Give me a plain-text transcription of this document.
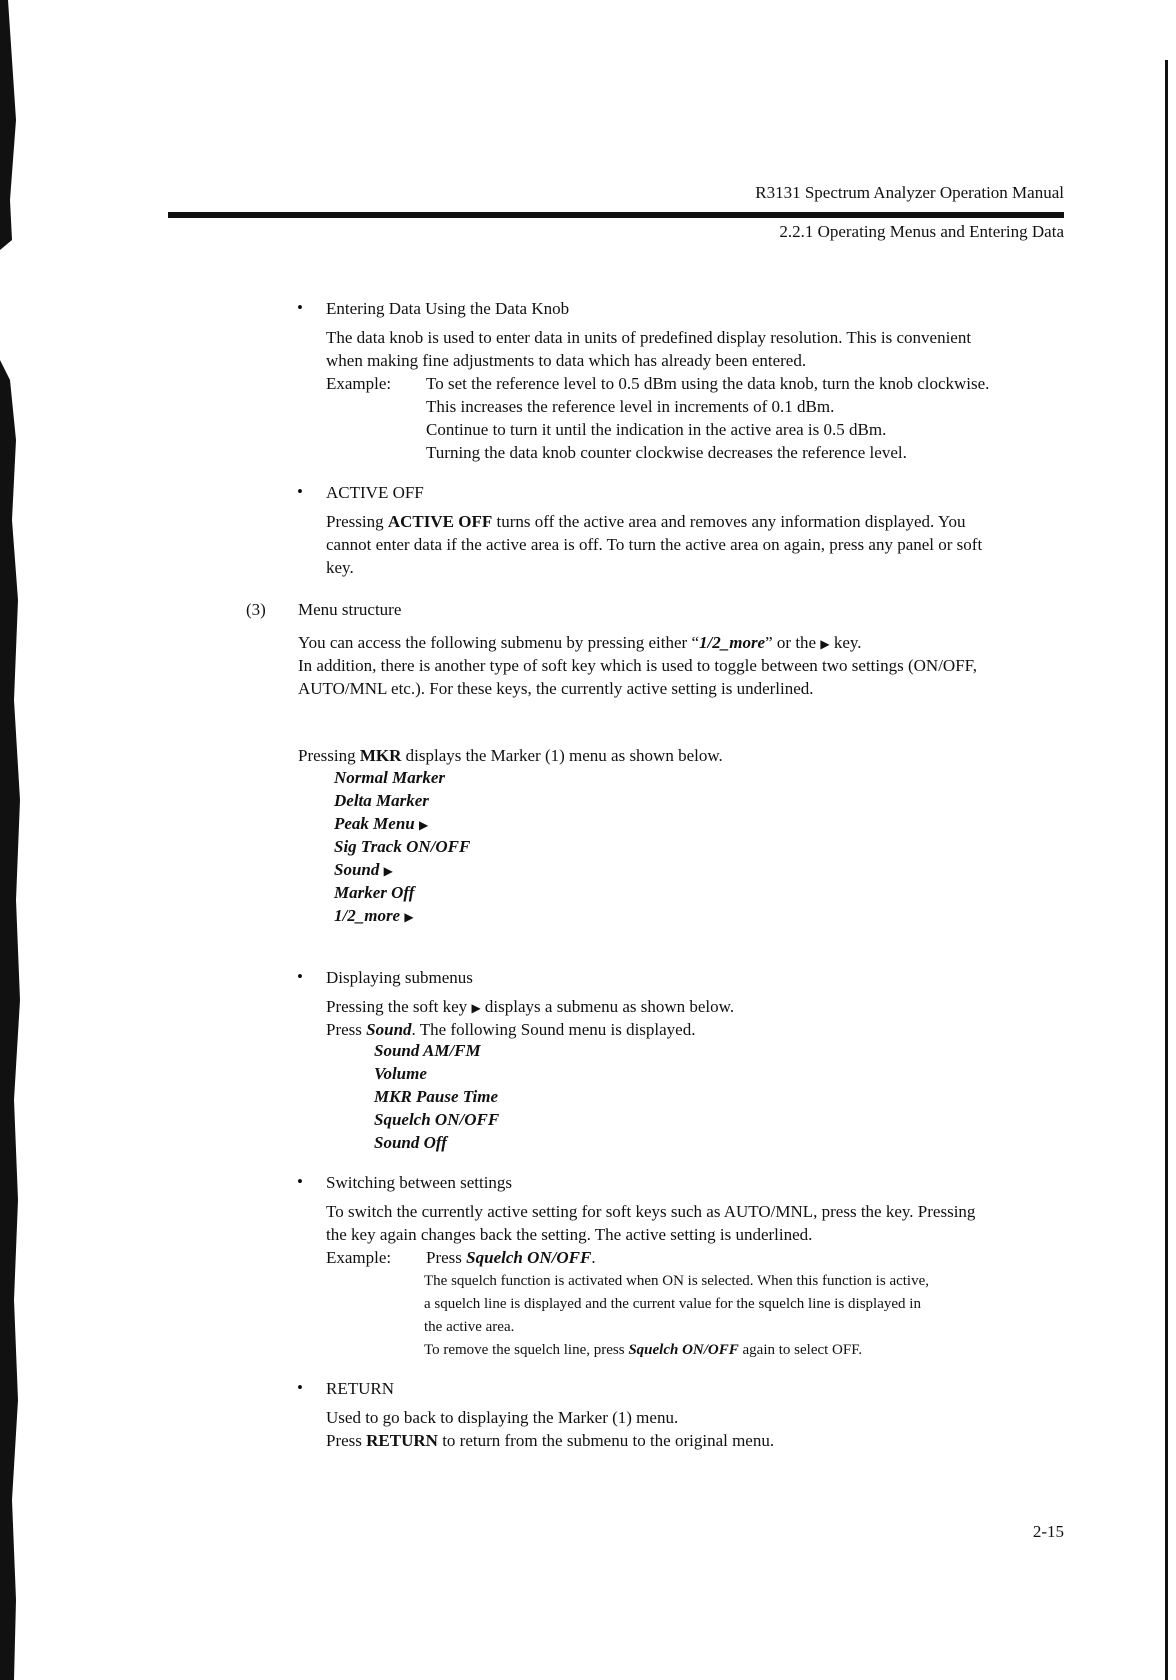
R3131 Spectrum Analyzer Operation Manual
2.2.1 Operating Menus and Entering Data
• Entering Data Using the Data Knob
The data knob is used to enter data in units of predefined display resolution. This is convenient
when making fine adjustments to data which has already been entered.
Example: To set the reference level to 0.5 dBm using the data knob, turn the knob clockwise.
This increases the reference level in increments of 0.1 dBm.
Continue to turn it until the indication in the active area is 0.5 dBm.
Turning the data knob counter clockwise decreases the reference level.
• ACTIVE OFF
Pressing ACTIVE OFF turns off the active area and removes any information displayed. You
cannot enter data if the active area is off. To turn the active area on again, press any panel or soft
key.
(3) Menu structure
You can access the following submenu by pressing either “1/2_more” or the ▶ key.
In addition, there is another type of soft key which is used to toggle between two settings (ON/OFF,
AUTO/MNL etc.). For these keys, the currently active setting is underlined.
Pressing MKR displays the Marker (1) menu as shown below.
Normal Marker
Delta Marker
Peak Menu ▶
Sig Track ON/OFF
Sound ▶
Marker Off
1/2_more ▶
• Displaying submenus
Pressing the soft key ▶ displays a submenu as shown below.
Press Sound. The following Sound menu is displayed.
Sound AM/FM
Volume
MKR Pause Time
Squelch ON/OFF
Sound Off
• Switching between settings
To switch the currently active setting for soft keys such as AUTO/MNL, press the key. Pressing
the key again changes back the setting. The active setting is underlined.
Example: Press Squelch ON/OFF.
The squelch function is activated when ON is selected. When this function is active,
a squelch line is displayed and the current value for the squelch line is displayed in
the active area.
To remove the squelch line, press Squelch ON/OFF again to select OFF.
• RETURN
Used to go back to displaying the Marker (1) menu.
Press RETURN to return from the submenu to the original menu.
2-15
